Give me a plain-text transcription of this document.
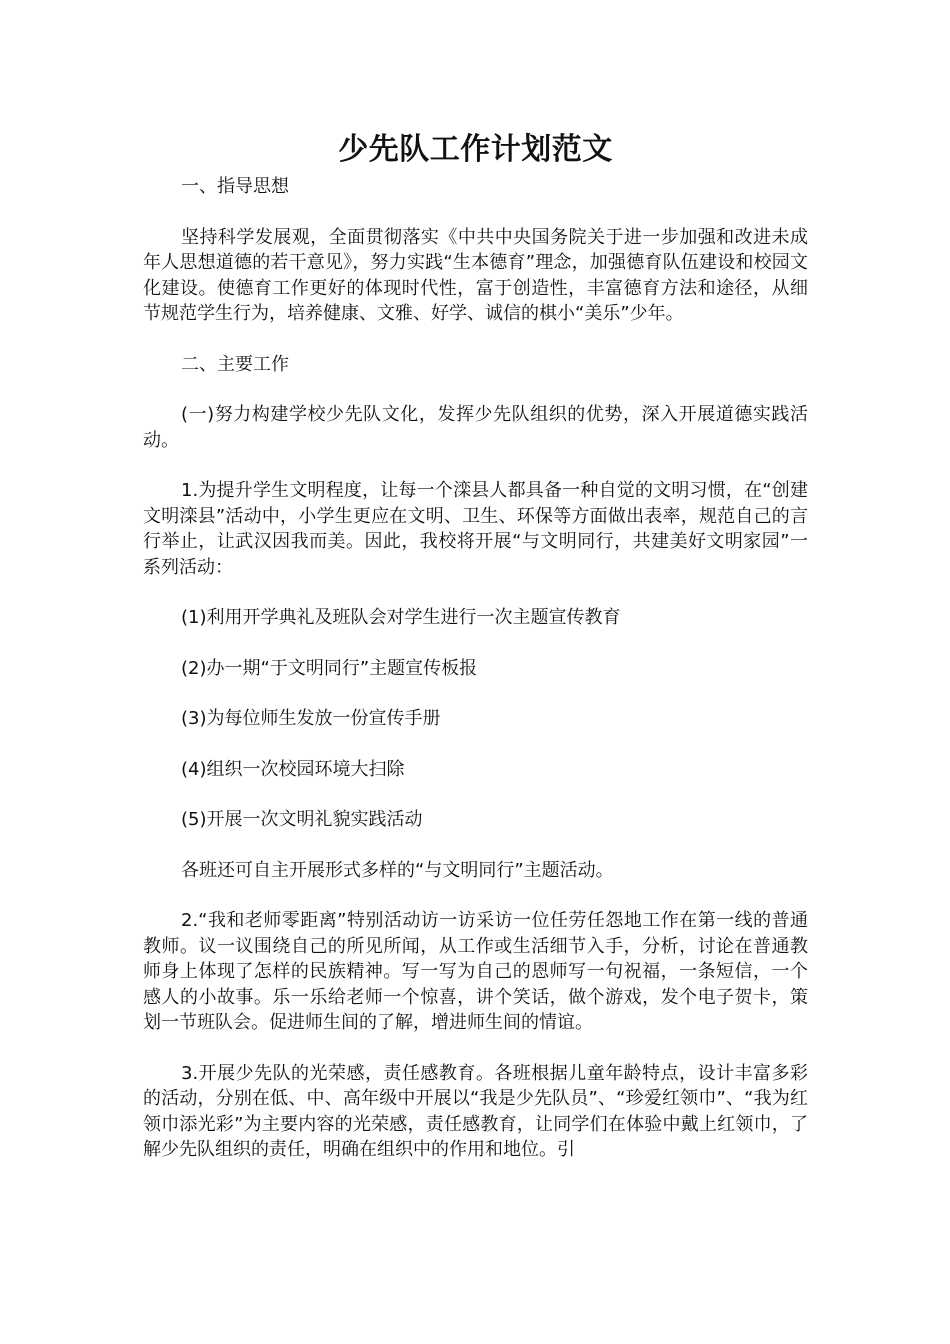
少先队工作计划范文

一、指导思想

坚持科学发展观，全面贯彻落实《中共中央国务院关于进一步加强和改进未成年人思想道德的若干意见》，努力实践“生本德育”理念，加强德育队伍建设和校园文化建设。使德育工作更好的体现时代性，富于创造性，丰富德育方法和途径，从细节规范学生行为，培养健康、文雅、好学、诚信的棋小“美乐”少年。

二、主要工作

(一)努力构建学校少先队文化，发挥少先队组织的优势，深入开展道德实践活动。

1.为提升学生文明程度，让每一个滦县人都具备一种自觉的文明习惯，在“创建文明滦县”活动中，小学生更应在文明、卫生、环保等方面做出表率，规范自己的言行举止，让武汉因我而美。因此，我校将开展“与文明同行，共建美好文明家园”一系列活动：

(1)利用开学典礼及班队会对学生进行一次主题宣传教育

(2)办一期“于文明同行”主题宣传板报

(3)为每位师生发放一份宣传手册

(4)组织一次校园环境大扫除

(5)开展一次文明礼貌实践活动

各班还可自主开展形式多样的“与文明同行”主题活动。

2.“我和老师零距离”特别活动访一访采访一位任劳任怨地工作在第一线的普通教师。议一议围绕自己的所见所闻，从工作或生活细节入手，分析，讨论在普通教师身上体现了怎样的民族精神。写一写为自己的恩师写一句祝福，一条短信，一个感人的小故事。乐一乐给老师一个惊喜，讲个笑话，做个游戏，发个电子贺卡，策划一节班队会。促进师生间的了解，增进师生间的情谊。

3.开展少先队的光荣感，责任感教育。各班根据儿童年龄特点，设计丰富多彩的活动，分别在低、中、高年级中开展以“我是少先队员”、“珍爱红领巾”、“我为红领巾添光彩”为主要内容的光荣感，责任感教育，让同学们在体验中戴上红领巾，了解少先队组织的责任，明确在组织中的作用和地位。引
